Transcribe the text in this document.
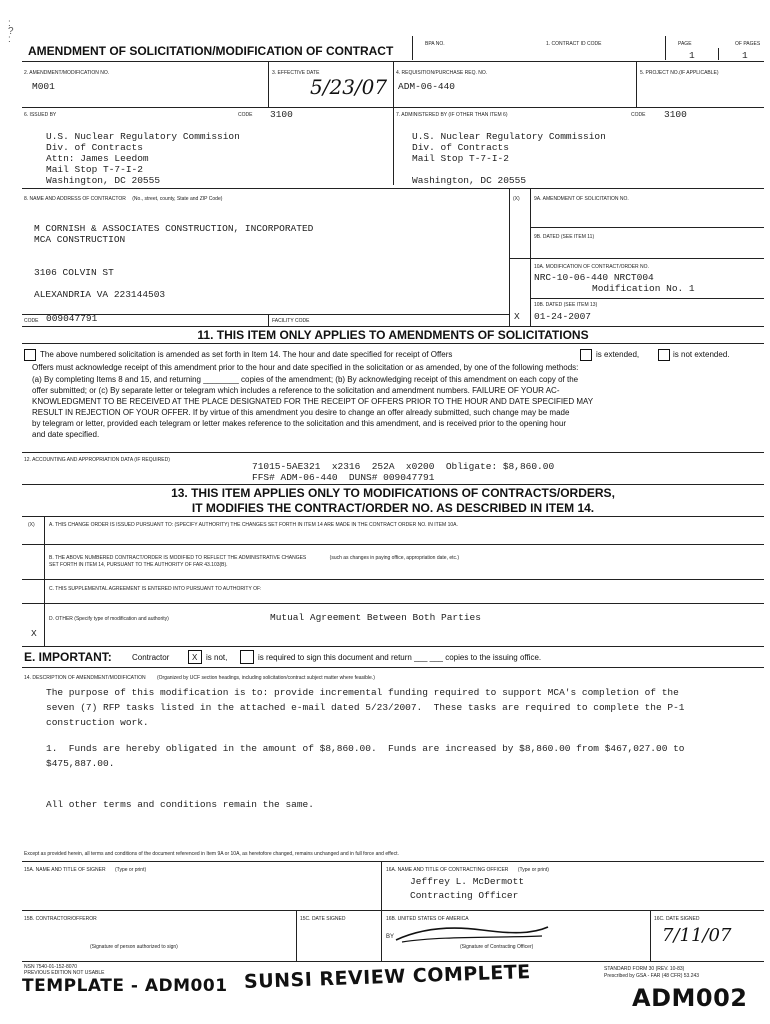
:
?
:
AMENDMENT OF SOLICITATION/MODIFICATION OF CONTRACT	BPA NO.	1. CONTRACT ID CODE	PAGE	OF PAGES
1	1
2. AMENDMENT/MODIFICATION NO.
M001
3. EFFECTIVE DATE
5/23/07
4. REQUISITION/PURCHASE REQ. NO.
ADM-06-440
5. PROJECT NO.(IF APPLICABLE)
6. ISSUED BY	CODE 3100
U.S. Nuclear Regulatory Commission
Div. of Contracts
Attn: James Leedom
Mail Stop T-7-I-2
Washington, DC 20555
7. ADMINISTERED BY (IF OTHER THAN ITEM 6)	CODE 3100
U.S. Nuclear Regulatory Commission
Div. of Contracts
Mail Stop T-7-I-2
Washington, DC 20555
8. NAME AND ADDRESS OF CONTRACTOR (No., street, county, State and ZIP Code)
M CORNISH & ASSOCIATES CONSTRUCTION, INCORPORATED
MCA CONSTRUCTION
3106 COLVIN ST
ALEXANDRIA VA 223144503
(X)	9A. AMENDMENT OF SOLICITATION NO.
9B. DATED (SEE ITEM 11)
10A. MODIFICATION OF CONTRACT/ORDER NO.
NRC-10-06-440 NRCT004
Modification No. 1
10B. DATED (SEE ITEM 13)
01-24-2007
X
CODE 009047791	FACILITY CODE
11. THIS ITEM ONLY APPLIES TO AMENDMENTS OF SOLICITATIONS
The above numbered solicitation is amended as set forth in Item 14. The hour and date specified for receipt of Offers	is extended,	is not extended.
Offers must acknowledge receipt of this amendment prior to the hour and date specified in the solicitation or as amended, by one of the following methods:
(a) By completing Items 8 and 15, and returning ________ copies of the amendment; (b) By acknowledging receipt of this amendment on each copy of the
offer submitted; or (c) By separate letter or telegram which includes a reference to the solicitation and amendment numbers. FAILURE OF YOUR AC-
KNOWLEDGMENT TO BE RECEIVED AT THE PLACE DESIGNATED FOR THE RECEIPT OF OFFERS PRIOR TO THE HOUR AND DATE SPECIFIED MAY
RESULT IN REJECTION OF YOUR OFFER. If by virtue of this amendment you desire to change an offer already submitted, such change may be made
by telegram or letter, provided each telegram or letter makes reference to the solicitation and this amendment, and is received prior to the opening hour
and date specified.
12. ACCOUNTING AND APPROPRIATION DATA (IF REQUIRED)
71015-5AE321  x2316  252A  x0200  Obligate: $8,860.00
FFS# ADM-06-440  DUNS# 009047791
13. THIS ITEM APPLIES ONLY TO MODIFICATIONS OF CONTRACTS/ORDERS,
IT MODIFIES THE CONTRACT/ORDER NO. AS DESCRIBED IN ITEM 14.
(X)	A. THIS CHANGE ORDER IS ISSUED PURSUANT TO: (SPECIFY AUTHORITY) THE CHANGES SET FORTH IN ITEM 14 ARE MADE IN THE CONTRACT ORDER NO. IN ITEM 10A.
B. THE ABOVE NUMBERED CONTRACT/ORDER IS MODIFIED TO REFLECT THE ADMINISTRATIVE CHANGES	(such as changes in paying office, appropriation date, etc.)
SET FORTH IN ITEM 14, PURSUANT TO THE AUTHORITY OF FAR 43.103(B).
C. THIS SUPPLEMENTAL AGREEMENT IS ENTERED INTO PURSUANT TO AUTHORITY OF:
D. OTHER (Specify type of modification and authority)	Mutual Agreement Between Both Parties
X
E. IMPORTANT:	Contractor	X is not,	is required to sign this document and return ___ ___ copies to the issuing office.
14. DESCRIPTION OF AMENDMENT/MODIFICATION (Organized by UCF section headings, including solicitation/contract subject matter where feasible.)
The purpose of this modification is to: provide incremental funding required to support MCA's completion of the
seven (7) RFP tasks listed in the attached e-mail dated 5/23/2007.  These tasks are required to complete the P-1
construction work.
1.  Funds are hereby obligated in the amount of $8,860.00.  Funds are increased by $8,860.00 from $467,027.00 to
$475,887.00.
All other terms and conditions remain the same.
Except as provided herein, all terms and conditions of the document referenced in Item 9A or 10A, as heretofore changed, remains unchanged and in full force and effect.
15A. NAME AND TITLE OF SIGNER (Type or print)	16A. NAME AND TITLE OF CONTRACTING OFFICER (Type or print)
Jeffrey L. McDermott
Contracting Officer
15B. CONTRACTOR/OFFEROR	15C. DATE SIGNED
(Signature of person authorized to sign)
16B. UNITED STATES OF AMERICA
BY
(Signature of Contracting Officer)
16C. DATE SIGNED
7/11/07
NSN 7540-01-152-8070
PREVIOUS EDITION NOT USABLE
TEMPLATE - ADM001 SUNSI REVIEW COMPLETE	STANDARD FORM 30 (REV. 10-83)
Prescribed by GSA - FAR (48 CFR) 53.243
ADM002
